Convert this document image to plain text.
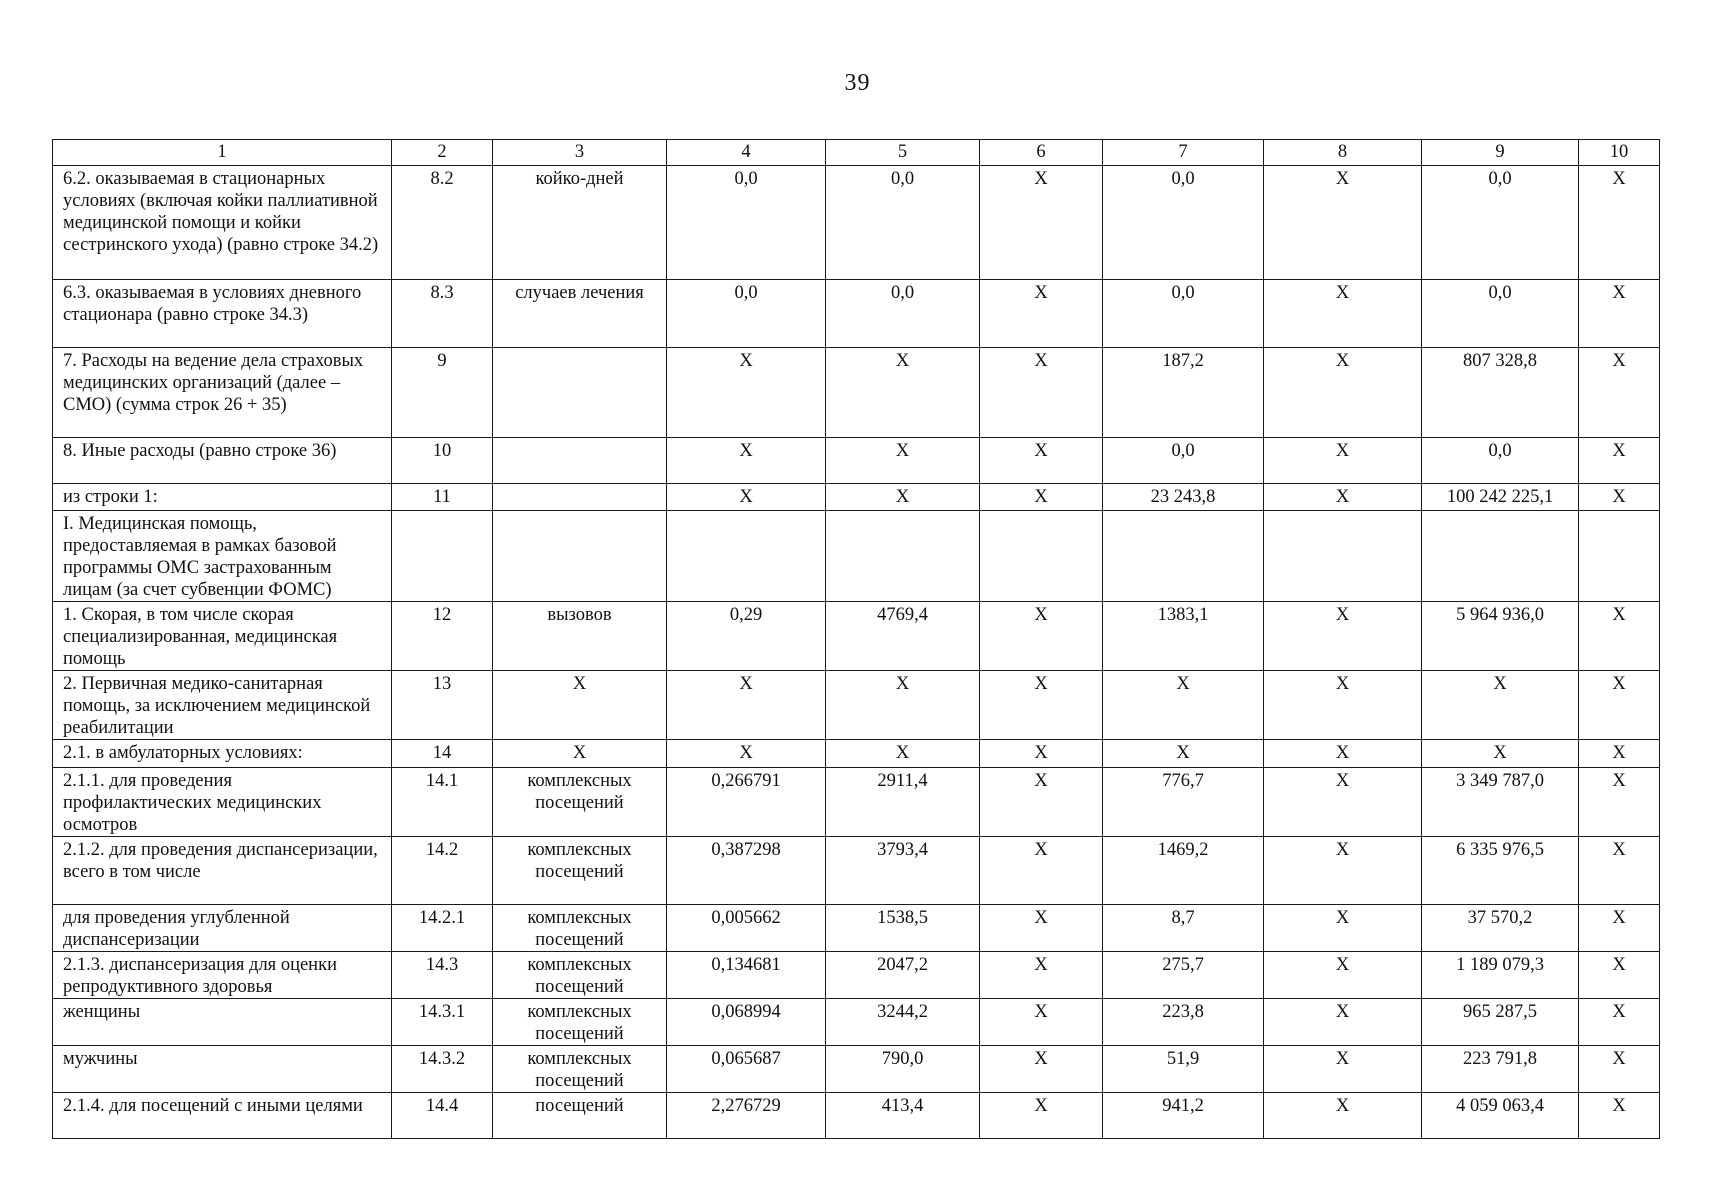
39
1	2	3	4	5	6	7	8	9	10
6.2. оказываемая в стационарных условиях (включая койки паллиативной медицинской помощи и койки сестринского ухода) (равно строке 34.2)	8.2	койко-дней	0,0	0,0	Х	0,0	Х	0,0	Х
6.3. оказываемая в условиях дневного стационара (равно строке 34.3)	8.3	случаев лечения	0,0	0,0	Х	0,0	Х	0,0	Х
7. Расходы на ведение дела страховых медицинских организаций (далее – СМО) (сумма строк 26 + 35)	9		Х	Х	Х	187,2	Х	807 328,8	Х
8. Иные расходы (равно строке 36)	10		Х	Х	Х	0,0	Х	0,0	Х
из строки 1:	11		Х	Х	Х	23 243,8	Х	100 242 225,1	Х
I. Медицинская помощь, предоставляемая в рамках базовой программы ОМС застрахованным лицам (за счет субвенции ФОМС)									
1. Скорая, в том числе скорая специализированная, медицинская помощь	12	вызовов	0,29	4769,4	Х	1383,1	Х	5 964 936,0	Х
2. Первичная медико-санитарная помощь, за исключением медицинской реабилитации	13	Х	Х	Х	Х	Х	Х	Х	Х
2.1. в амбулаторных условиях:	14	Х	Х	Х	Х	Х	Х	Х	Х
2.1.1. для проведения профилактических медицинских осмотров	14.1	комплексных посещений	0,266791	2911,4	Х	776,7	Х	3 349 787,0	Х
2.1.2. для проведения диспансеризации, всего в том числе	14.2	комплексных посещений	0,387298	3793,4	Х	1469,2	Х	6 335 976,5	Х
для проведения углубленной диспансеризации	14.2.1	комплексных посещений	0,005662	1538,5	Х	8,7	Х	37 570,2	Х
2.1.3. диспансеризация для оценки репродуктивного здоровья	14.3	комплексных посещений	0,134681	2047,2	Х	275,7	Х	1 189 079,3	Х
женщины	14.3.1	комплексных посещений	0,068994	3244,2	Х	223,8	Х	965 287,5	Х
мужчины	14.3.2	комплексных посещений	0,065687	790,0	Х	51,9	Х	223 791,8	Х
2.1.4. для посещений с иными целями	14.4	посещений	2,276729	413,4	Х	941,2	Х	4 059 063,4	Х
